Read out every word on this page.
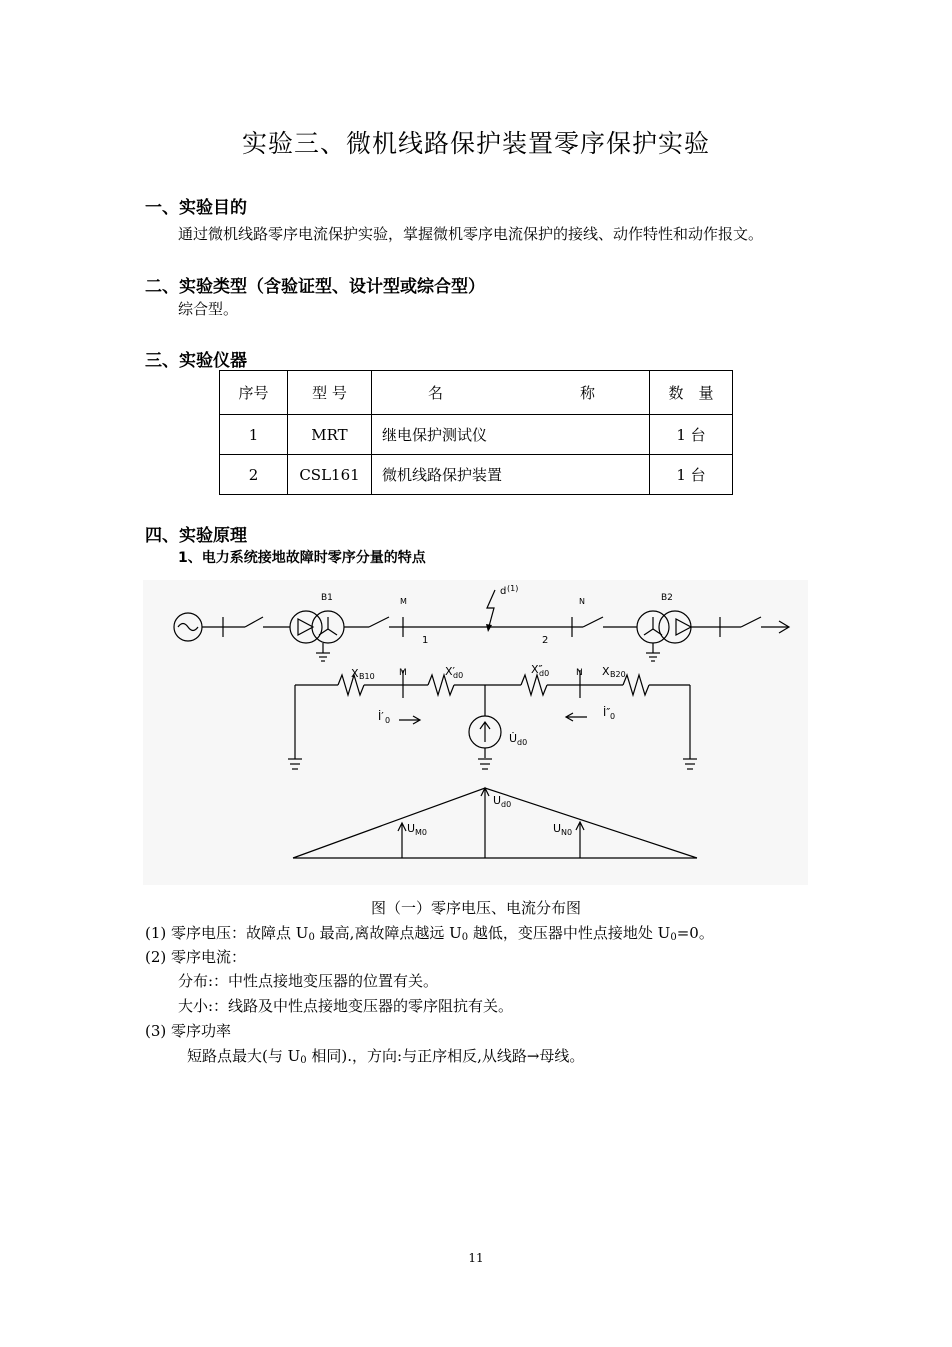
实验三、微机线路保护装置零序保护实验
一、实验目的
通过微机线路零序电流保护实验，掌握微机零序电流保护的接线、动作特性和动作报文。
二、实验类型（含验证型、设计型或综合型）
综合型。
三、实验仪器
序号	型 号	名 称	数　量
1	MRT	继电保护测试仪	1 台
2	CSL161	微机线路保护装置	1 台
四、实验原理
1、电力系统接地故障时零序分量的特点
B1	B2
M	N
d (1)
1	2
X B10	M	X′
d0	X″
d0	N X B20
İ′ 0
İ″ 0
U̇ d0
U d0
U M0	U N0
图（一）零序电压、电流分布图
(1) 零序电压：故障点 $U_0$ 最高,离故障点越远 $U_0$ 越低，变压器中性点接地处 $U_0=0$。
(2) 零序电流：
分布:：中性点接地变压器的位置有关。
大小:：线路及中性点接地变压器的零序阻抗有关。
(3) 零序功率
短路点最大(与 $U_0$ 相同).，方向:与正序相反,从线路→母线。
11
